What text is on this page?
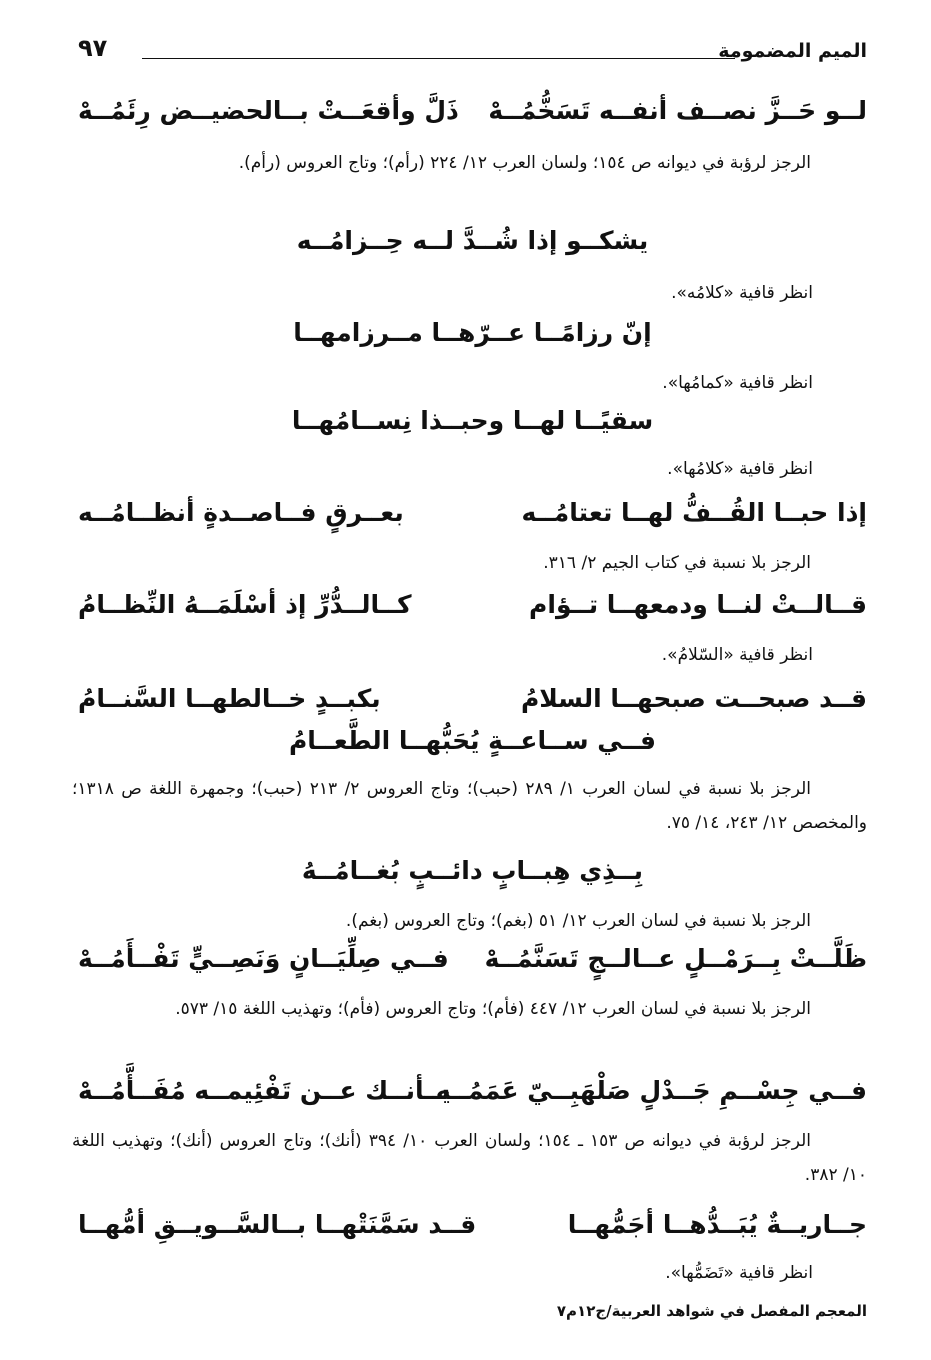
الميم المضمومة
٩٧
لــو حَــزَّ نصــف أنفــه تَسَخُّمُــهْ
ذَلَّ وأقعَــتْ بــالحضيــض رِئَمُــهْ
الرجز لرؤبة في ديوانه ص ١٥٤؛ ولسان العرب ١٢/ ٢٢٤ (رأم)؛ وتاج العروس (رأم).
يشكــو إذا شُــدَّ لــه حِــزامُــه
انظر قافية «كلامُه».
إنّ رزامًــا عــرّهــا مــرزامهــا
انظر قافية «كمامُها».
سقيًــا لهــا وحبــذا نِســامُهــا
انظر قافية «كلامُها».
إذا حبــا القُــفُّ لهــا تعتامُــه
بعــرقٍ فــاصــدةٍ أنظــامُــه
الرجز بلا نسبة في كتاب الجيم ٢/ ٣١٦.
قــالــتْ لنــا ودمعهــا تــؤام
كــالــدُّرِّ إذ أسْلَمَــهُ النِّظــامُ
انظر قافية «السّلامُ».
قــد صبحــت صبحهــا السلامُ
بكبــدٍ خــالطهــا السَّنــامُ
فــي ســاعــةٍ يُحَبُّهــا الطَّعــامُ
الرجز بلا نسبة في لسان العرب ١/ ٢٨٩ (حبب)؛ وتاج العروس ٢/ ٢١٣ (حبب)؛ وجمهرة اللغة ص ١٣١٨؛ والمخصص ١٢/ ٢٤٣، ١٤/ ٧٥.
بِــذِي هِبــابٍ دائــبٍ بُغــامُــهُ
الرجز بلا نسبة في لسان العرب ١٢/ ٥١ (بغم)؛ وتاج العروس (بغم).
ظَلَّــتْ بِــرَمْــلٍ عــالــجٍ تَسَنَّمُــهْ
فــي صِلِّيَــانٍ وَنَصِــيٍّ تَفْــأَمُــهْ
الرجز بلا نسبة في لسان العرب ١٢/ ٤٤٧ (فأم)؛ وتاج العروس (فأم)؛ وتهذيب اللغة ١٥/ ٥٧٣.
فــي جِسْــمِ جَــدْلٍ صَلْهَبِــيّ عَمَمُــه
يــأنــك عــن تَفْئِيمــه مُفَــأَّمُــهْ
الرجز لرؤبة في ديوانه ص ١٥٣ ـ ١٥٤؛ ولسان العرب ١٠/ ٣٩٤ (أنك)؛ وتاج العروس (أنك)؛ وتهذيب اللغة ١٠/ ٣٨٢.
جــاريــةٌ يُبَــدُّهــا أجَمُّهــا
قــد سَمَّنَتْهــا بــالسَّــويــقِ أمُّهــا
انظر قافية «تَضَمُّها».
المعجم المفصل في شواهد العربية/ج١٢م٧
